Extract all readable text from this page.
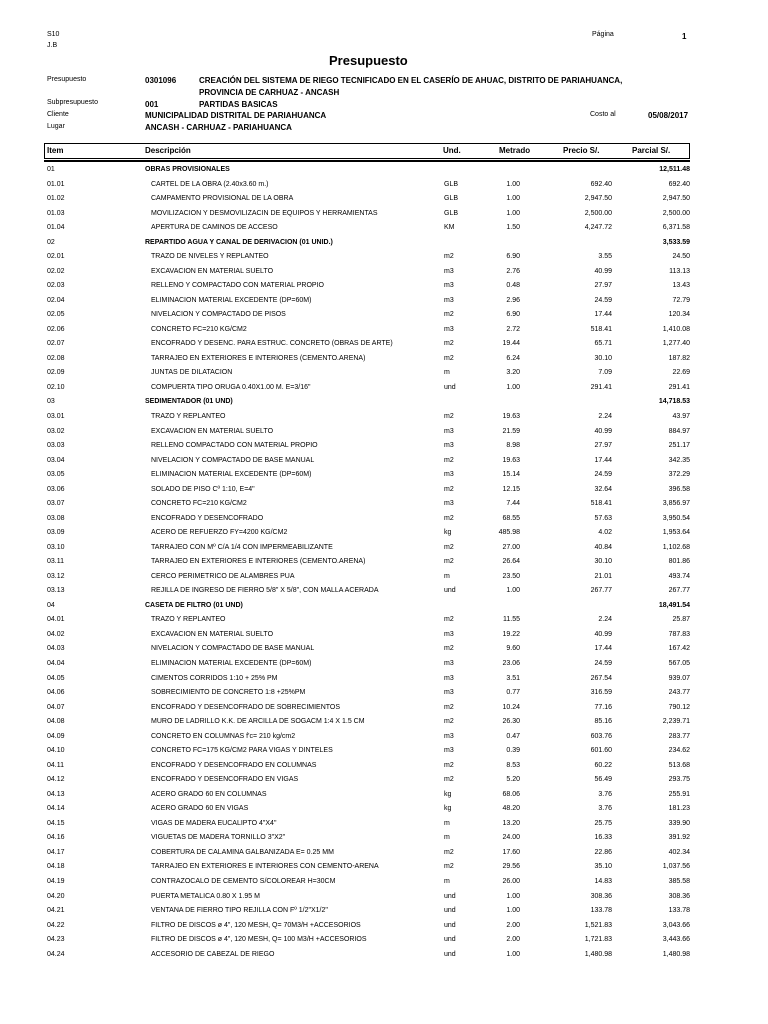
S10
J.B
Página	1
Presupuesto
Presupuesto	0301096	CREACIÓN DEL SISTEMA DE RIEGO TECNIFICADO EN EL CASERÍO DE AHUAC, DISTRITO DE PARIAHUANCA,
PROVINCIA DE CARHUAZ - ANCASH
Subpresupuesto	001	PARTIDAS BASICAS
Cliente	MUNICIPALIDAD DISTRITAL DE PARIAHUANCA	Costo al	05/08/2017
Lugar	ANCASH - CARHUAZ - PARIAHUANCA
Item	Descripción	Und.	Metrado	Precio S/.	Parcial S/.
01	OBRAS PROVISIONALES	12,511.48
01.01	CARTEL DE LA OBRA (2.40x3.60 m.)	GLB	1.00	692.40	692.40
01.02	CAMPAMENTO PROVISIONAL DE LA OBRA	GLB	1.00	2,947.50	2,947.50
01.03	MOVILIZACION Y DESMOVILIZACIN DE EQUIPOS Y HERRAMIENTAS	GLB	1.00	2,500.00	2,500.00
01.04	APERTURA DE CAMINOS DE ACCESO	KM	1.50	4,247.72	6,371.58
02	REPARTIDO AGUA Y CANAL DE DERIVACION (01 UNID.)	3,533.59
02.01	TRAZO DE NIVELES Y REPLANTEO	m2	6.90	3.55	24.50
02.02	EXCAVACION EN MATERIAL SUELTO	m3	2.76	40.99	113.13
02.03	RELLENO Y COMPACTADO CON MATERIAL PROPIO	m3	0.48	27.97	13.43
02.04	ELIMINACION MATERIAL EXCEDENTE (DP=60M)	m3	2.96	24.59	72.79
02.05	NIVELACION Y COMPACTADO DE PISOS	m2	6.90	17.44	120.34
02.06	CONCRETO FC=210 KG/CM2	m3	2.72	518.41	1,410.08
02.07	ENCOFRADO Y DESENC. PARA ESTRUC. CONCRETO (OBRAS DE ARTE)	m2	19.44	65.71	1,277.40
02.08	TARRAJEO EN EXTERIORES E INTERIORES (CEMENTO.ARENA)	m2	6.24	30.10	187.82
02.09	JUNTAS DE DILATACION	m	3.20	7.09	22.69
02.10	COMPUERTA TIPO ORUGA 0.40X1.00 M. E=3/16"	und	1.00	291.41	291.41
03	SEDIMENTADOR (01 UND)	14,718.53
03.01	TRAZO Y REPLANTEO	m2	19.63	2.24	43.97
03.02	EXCAVACION EN MATERIAL SUELTO	m3	21.59	40.99	884.97
03.03	RELLENO COMPACTADO CON MATERIAL PROPIO	m3	8.98	27.97	251.17
03.04	NIVELACION Y COMPACTADO DE BASE MANUAL	m2	19.63	17.44	342.35
03.05	ELIMINACION MATERIAL EXCEDENTE (DP=60M)	m3	15.14	24.59	372.29
03.06	SOLADO DE PISO Cº 1:10, E=4"	m2	12.15	32.64	396.58
03.07	CONCRETO FC=210 KG/CM2	m3	7.44	518.41	3,856.97
03.08	ENCOFRADO Y DESENCOFRADO	m2	68.55	57.63	3,950.54
03.09	ACERO DE REFUERZO FY=4200 KG/CM2	kg	485.98	4.02	1,953.64
03.10	TARRAJEO CON Mº C/A 1/4 CON IMPERMEABILIZANTE	m2	27.00	40.84	1,102.68
03.11	TARRAJEO EN EXTERIORES E INTERIORES (CEMENTO.ARENA)	m2	26.64	30.10	801.86
03.12	CERCO PERIMETRICO DE ALAMBRES PUA	m	23.50	21.01	493.74
03.13	REJILLA DE INGRESO DE FIERRO 5/8" X 5/8", CON MALLA ACERADA	und	1.00	267.77	267.77
04	CASETA DE FILTRO (01 UND)	18,491.54
04.01	TRAZO Y REPLANTEO	m2	11.55	2.24	25.87
04.02	EXCAVACION EN MATERIAL SUELTO	m3	19.22	40.99	787.83
04.03	NIVELACION Y COMPACTADO DE BASE MANUAL	m2	9.60	17.44	167.42
04.04	ELIMINACION MATERIAL EXCEDENTE (DP=60M)	m3	23.06	24.59	567.05
04.05	CIMENTOS CORRIDOS 1:10 + 25% PM	m3	3.51	267.54	939.07
04.06	SOBRECIMIENTO DE CONCRETO 1:8 +25%PM	m3	0.77	316.59	243.77
04.07	ENCOFRADO Y DESENCOFRADO DE SOBRECIMIENTOS	m2	10.24	77.16	790.12
04.08	MURO DE LADRILLO K.K. DE ARCILLA DE SOGACM 1:4 X 1.5 CM	m2	26.30	85.16	2,239.71
04.09	CONCRETO EN COLUMNAS f'c= 210 kg/cm2	m3	0.47	603.76	283.77
04.10	CONCRETO FC=175 KG/CM2 PARA VIGAS Y DINTELES	m3	0.39	601.60	234.62
04.11	ENCOFRADO Y DESENCOFRADO EN COLUMNAS	m2	8.53	60.22	513.68
04.12	ENCOFRADO Y DESENCOFRADO EN VIGAS	m2	5.20	56.49	293.75
04.13	ACERO GRADO 60 EN COLUMNAS	kg	68.06	3.76	255.91
04.14	ACERO GRADO 60 EN VIGAS	kg	48.20	3.76	181.23
04.15	VIGAS DE MADERA EUCALIPTO 4"X4"	m	13.20	25.75	339.90
04.16	VIGUETAS DE MADERA TORNILLO 3"X2"	m	24.00	16.33	391.92
04.17	COBERTURA DE CALAMINA GALBANIZADA E= 0.25 MM	m2	17.60	22.86	402.34
04.18	TARRAJEO EN EXTERIORES E INTERIORES CON CEMENTO-ARENA	m2	29.56	35.10	1,037.56
04.19	CONTRAZOCALO DE CEMENTO S/COLOREAR H=30CM	m	26.00	14.83	385.58
04.20	PUERTA METALICA 0.80 X 1.95 M	und	1.00	308.36	308.36
04.21	VENTANA DE FIERRO TIPO REJILLA CON Fº 1/2"X1/2"	und	1.00	133.78	133.78
04.22	FILTRO DE DISCOS ø 4", 120 MESH, Q= 70M3/H +ACCESORIOS	und	2.00	1,521.83	3,043.66
04.23	FILTRO DE DISCOS ø 4", 120 MESH, Q= 100 M3/H +ACCESORIOS	und	2.00	1,721.83	3,443.66
04.24	ACCESORIO DE CABEZAL DE RIEGO	und	1.00	1,480.98	1,480.98
